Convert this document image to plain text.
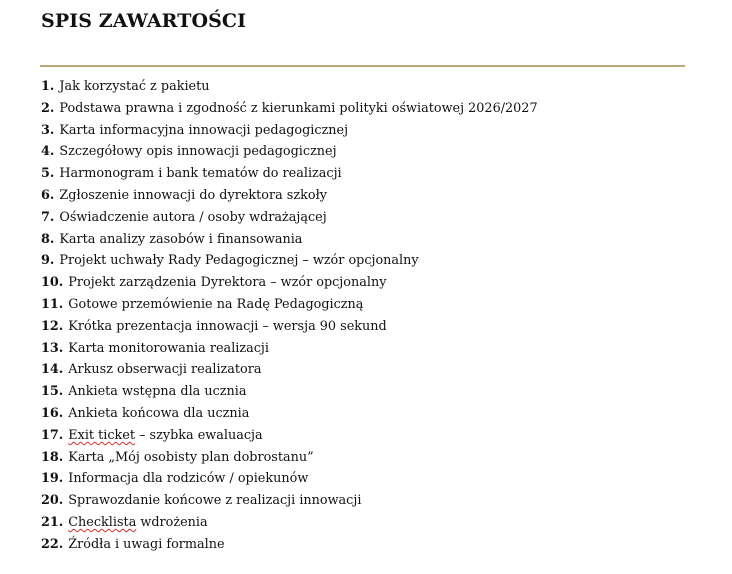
SPIS ZAWARTOŚCI
1. Jak korzystać z pakietu
2. Podstawa prawna i zgodność z kierunkami polityki oświatowej 2026/2027
3. Karta informacyjna innowacji pedagogicznej
4. Szczegółowy opis innowacji pedagogicznej
5. Harmonogram i bank tematów do realizacji
6. Zgłoszenie innowacji do dyrektora szkoły
7. Oświadczenie autora / osoby wdrażającej
8. Karta analizy zasobów i finansowania
9. Projekt uchwały Rady Pedagogicznej – wzór opcjonalny
10. Projekt zarządzenia Dyrektora – wzór opcjonalny
11. Gotowe przemówienie na Radę Pedagogiczną
12. Krótka prezentacja innowacji – wersja 90 sekund
13. Karta monitorowania realizacji
14. Arkusz obserwacji realizatora
15. Ankieta wstępna dla ucznia
16. Ankieta końcowa dla ucznia
17. Exit ticket – szybka ewaluacja
18. Karta „Mój osobisty plan dobrostanu”
19. Informacja dla rodziców / opiekunów
20. Sprawozdanie końcowe z realizacji innowacji
21. Checklista wdrożenia
22. Źródła i uwagi formalne
